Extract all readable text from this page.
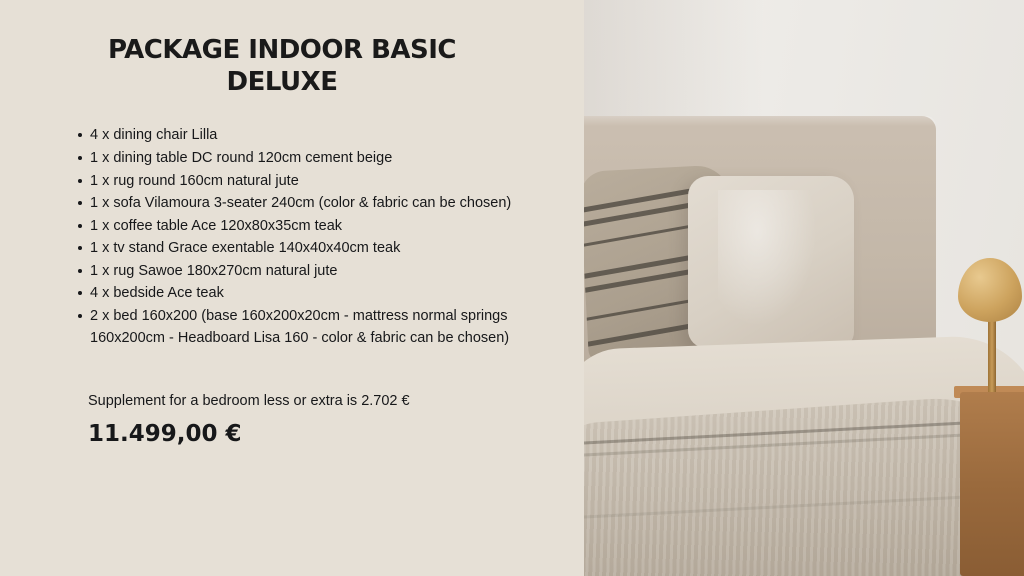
PACKAGE INDOOR BASIC
DELUXE
4 x dining chair Lilla
1 x dining table DC round 120cm cement beige
1 x rug round 160cm natural jute
1 x sofa Vilamoura 3-seater 240cm (color & fabric can be chosen)
1 x coffee table Ace 120x80x35cm teak
1 x tv stand Grace exentable 140x40x40cm teak
1 x rug Sawoe 180x270cm natural jute
4 x bedside Ace teak
2 x bed 160x200 (base 160x200x20cm - mattress normal springs 160x200cm - Headboard Lisa 160 - color & fabric can be chosen)
Supplement for a bedroom less or extra is 2.702 €
11.499,00 €
